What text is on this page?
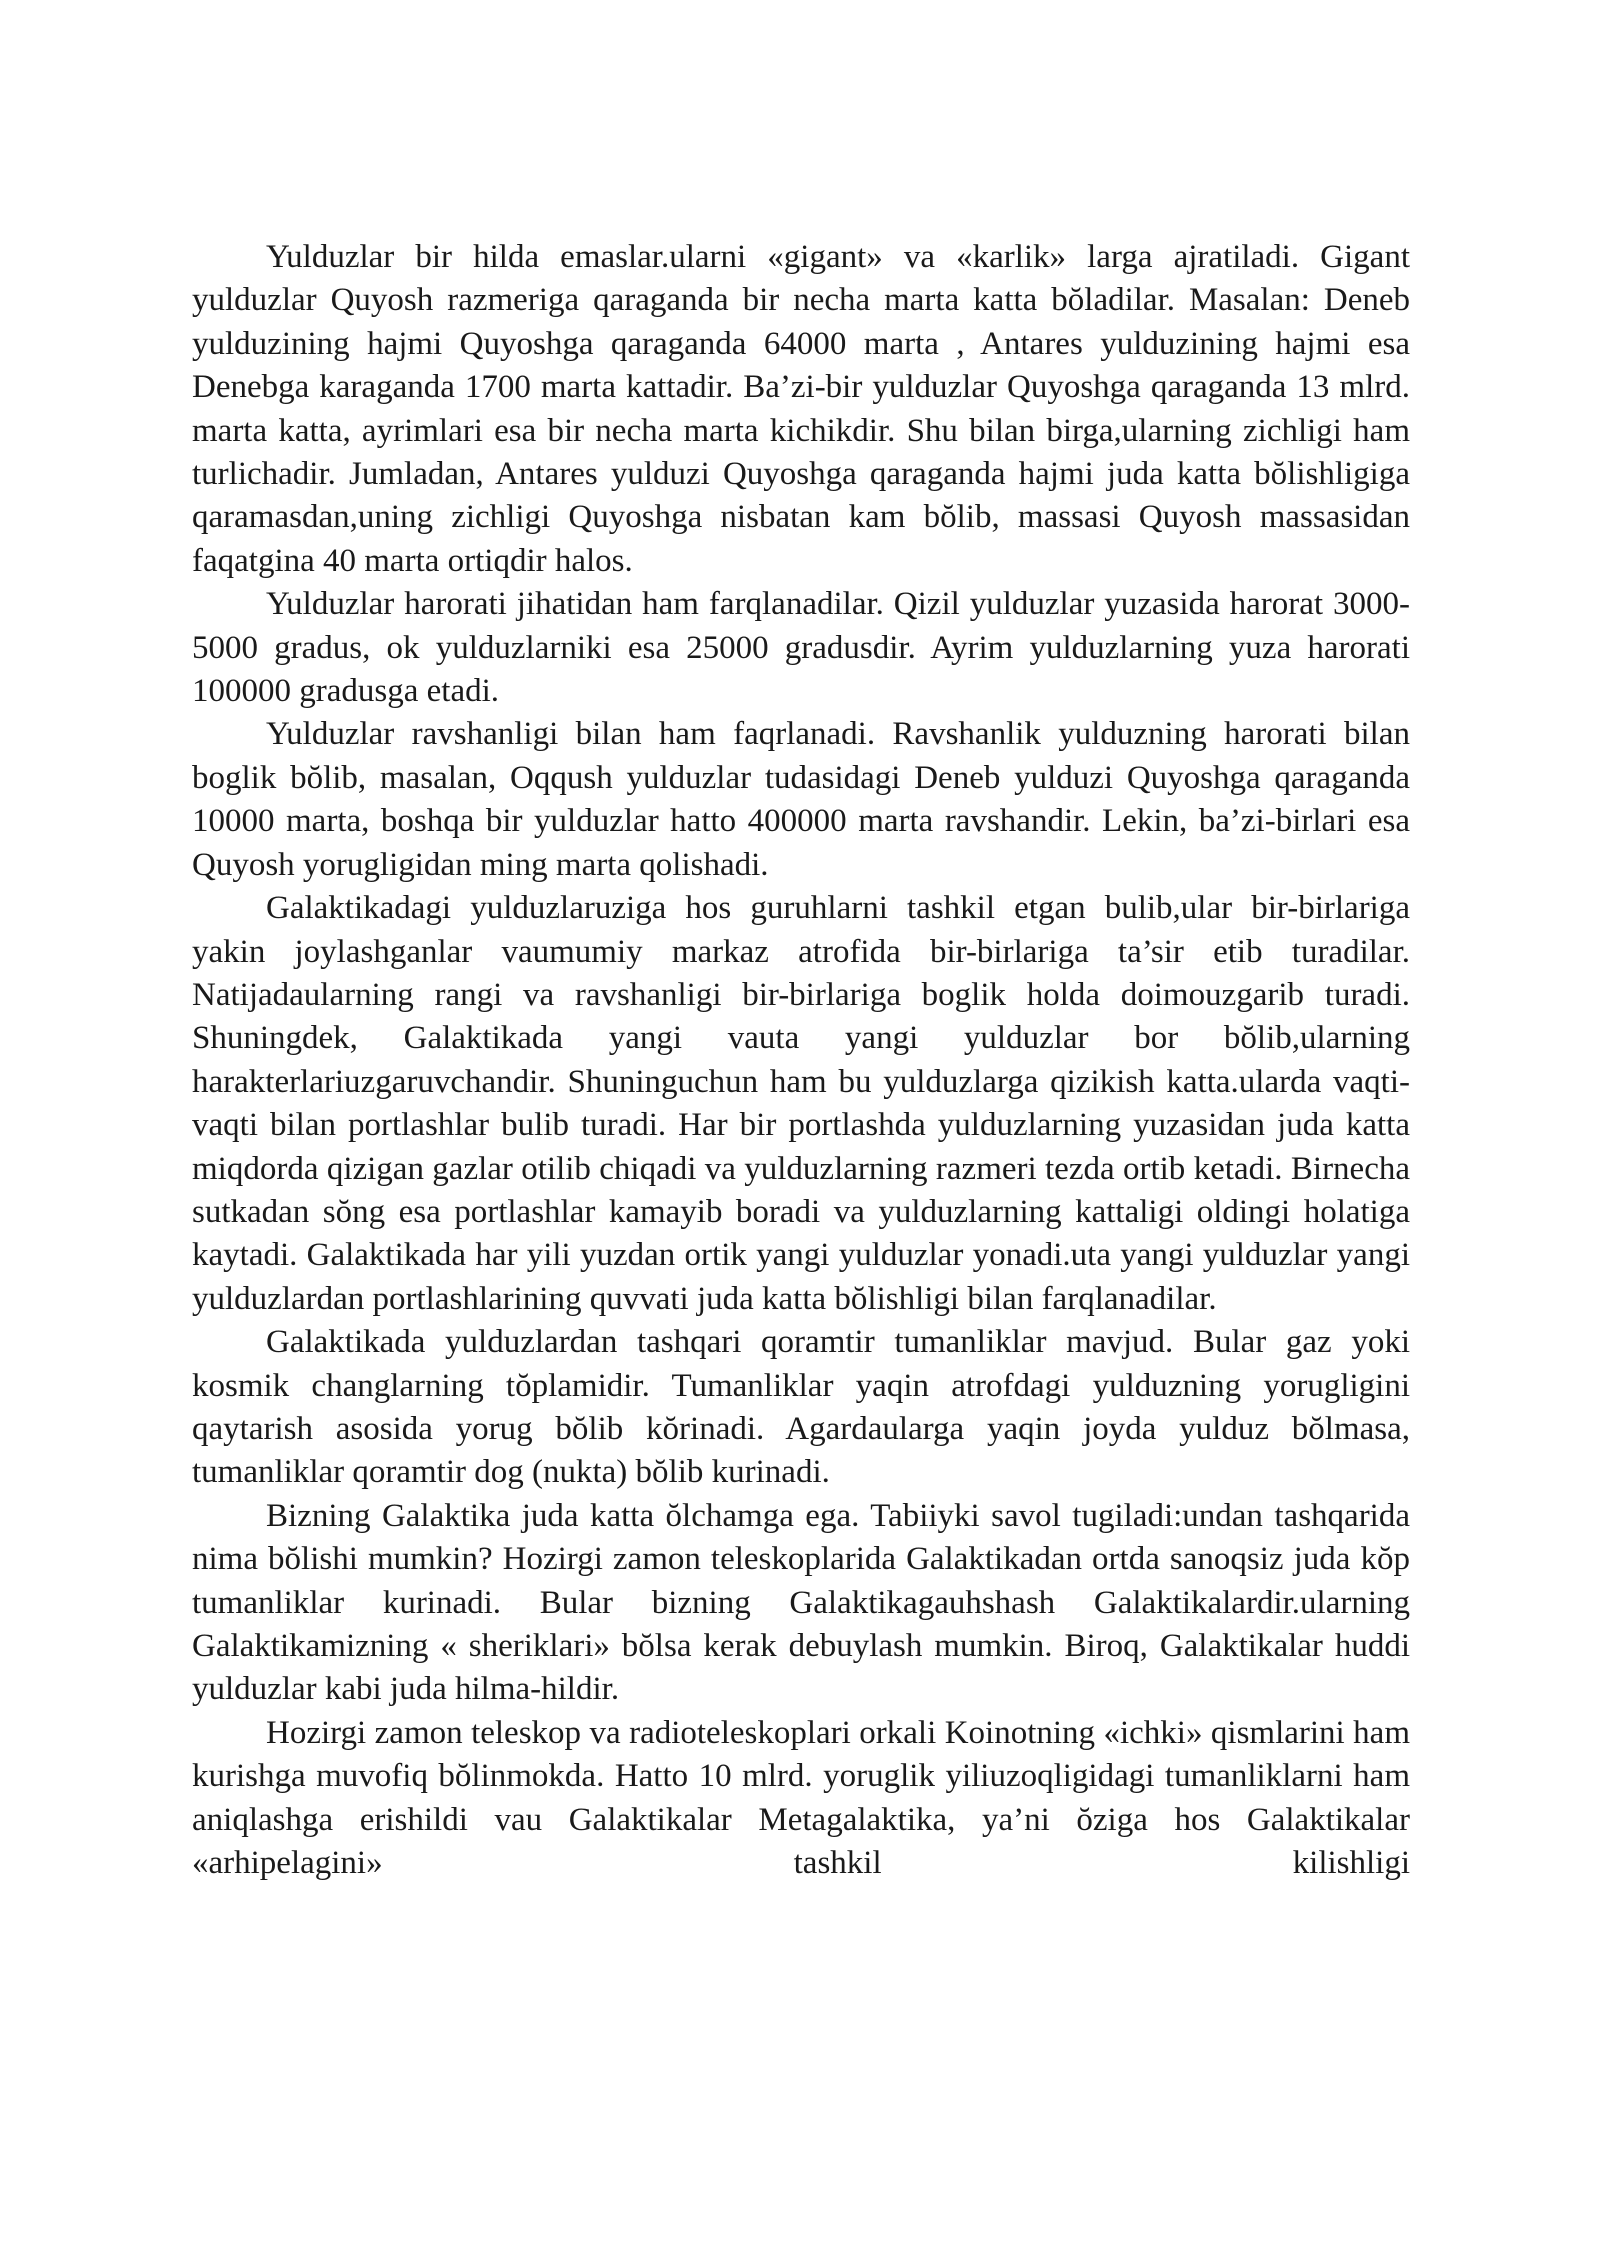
Yulduzlar bir hilda emaslar.ularni «gigant» va «karlik» larga ajratiladi. Gigant yulduzlar Quyosh razmeriga qaraganda bir necha marta katta bŏladilar. Masalan: Deneb yulduzining hajmi Quyoshga qaraganda 64000 marta , Antares yulduzining hajmi esa Denebga karaganda 1700 marta kattadir. Ba’zi-bir yulduzlar Quyoshga qaraganda 13 mlrd. marta katta, ayrimlari esa bir necha marta kichikdir. Shu bilan birga,ularning zichligi ham turlichadir. Jumladan, Antares yulduzi Quyoshga qaraganda hajmi juda katta bŏlishligiga qaramasdan,uning zichligi Quyoshga nisbatan kam bŏlib, massasi Quyosh massasidan faqatgina 40 marta ortiqdir halos.

Yulduzlar harorati jihatidan ham farqlanadilar. Qizil yulduzlar yuzasida harorat 3000-5000 gradus, ok yulduzlarniki esa 25000 gradusdir. Ayrim yulduzlarning yuza harorati 100000 gradusga etadi.

Yulduzlar ravshanligi bilan ham faqrlanadi. Ravshanlik yulduzning harorati bilan boglik bŏlib, masalan, Oqqush yulduzlar tudasidagi Deneb yulduzi Quyoshga qaraganda 10000 marta, boshqa bir yulduzlar hatto 400000 marta ravshandir. Lekin, ba’zi-birlari esa Quyosh yorugligidan ming marta qolishadi.

Galaktikadagi yulduzlaruziga hos guruhlarni tashkil etgan bulib,ular bir-birlariga yakin joylashganlar vaumumiy markaz atrofida bir-birlariga ta’sir etib turadilar. Natijadaularning rangi va ravshanligi bir-birlariga boglik holda doimouzgarib turadi. Shuningdek, Galaktikada yangi vauta yangi yulduzlar bor bŏlib,ularning harakterlariuzgaruvchandir. Shuninguchun ham bu yulduzlarga qizikish katta.ularda vaqti-vaqti bilan portlashlar bulib turadi. Har bir portlashda yulduzlarning yuzasidan juda katta miqdorda qizigan gazlar otilib chiqadi va yulduzlarning razmeri tezda ortib ketadi. Birnecha sutkadan sŏng esa portlashlar kamayib boradi va yulduzlarning kattaligi oldingi holatiga kaytadi. Galaktikada har yili yuzdan ortik yangi yulduzlar yonadi.uta yangi yulduzlar yangi yulduzlardan portlashlarining quvvati juda katta bŏlishligi bilan farqlanadilar.

Galaktikada yulduzlardan tashqari qoramtir tumanliklar mavjud. Bular gaz yoki kosmik changlarning tŏplamidir. Tumanliklar yaqin atrofdagi yulduzning yorugligini qaytarish asosida yorug bŏlib kŏrinadi. Agardaularga yaqin joyda yulduz bŏlmasa, tumanliklar qoramtir dog (nukta) bŏlib kurinadi.

Bizning Galaktika juda katta ŏlchamga ega. Tabiiyki savol tugiladi:undan tashqarida nima bŏlishi mumkin? Hozirgi zamon teleskoplarida Galaktikadan ortda sanoqsiz juda kŏp tumanliklar kurinadi. Bular bizning Galaktikagauhshash Galaktikalardir.ularning Galaktikamizning « sheriklari» bŏlsa kerak debuylash mumkin. Biroq, Galaktikalar huddi yulduzlar kabi juda hilma-hildir.

Hozirgi zamon teleskop va radioteleskoplari orkali Koinotning «ichki» qismlarini ham kurishga muvofiq bŏlinmokda. Hatto 10 mlrd. yoruglik yiliuzoqligidagi tumanliklarni ham aniqlashga erishildi vau Galaktikalar Metagalaktika, ya’ni ŏziga hos Galaktikalar «arhipelagini» tashkil kilishligi
